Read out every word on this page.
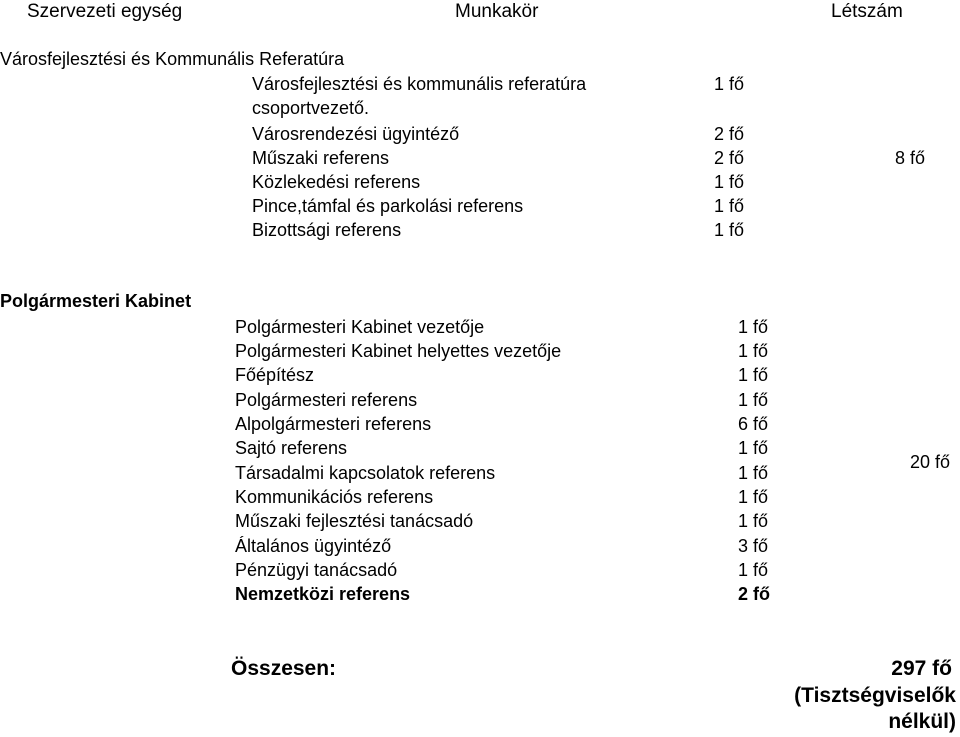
Szervezeti egység	Munkakör	Létszám
Városfejlesztési és Kommunális Referatúra
Városfejlesztési és kommunális referatúra	1 fő
csoportvezető.
Városrendezési ügyintéző	2 fő
Műszaki referens	2 fő
Közlekedési referens	1 fő
Pince,támfal és parkolási referens	1 fő
Bizottsági referens	1 fő
8 fő
Polgármesteri Kabinet
Polgármesteri Kabinet vezetője	1 fő
Polgármesteri Kabinet helyettes vezetője	1 fő
Főépítész	1 fő
Polgármesteri referens	1 fő
Alpolgármesteri referens	6 fő
Sajtó referens	1 fő
Társadalmi kapcsolatok referens	1 fő
Kommunikációs referens	1 fő
Műszaki fejlesztési tanácsadó	1 fő
Általános ügyintéző	3 fő
Pénzügyi tanácsadó	1 fő
Nemzetközi referens	2 fő
20 fő
Összesen:	297 fő
(Tisztségviselők
nélkül)
